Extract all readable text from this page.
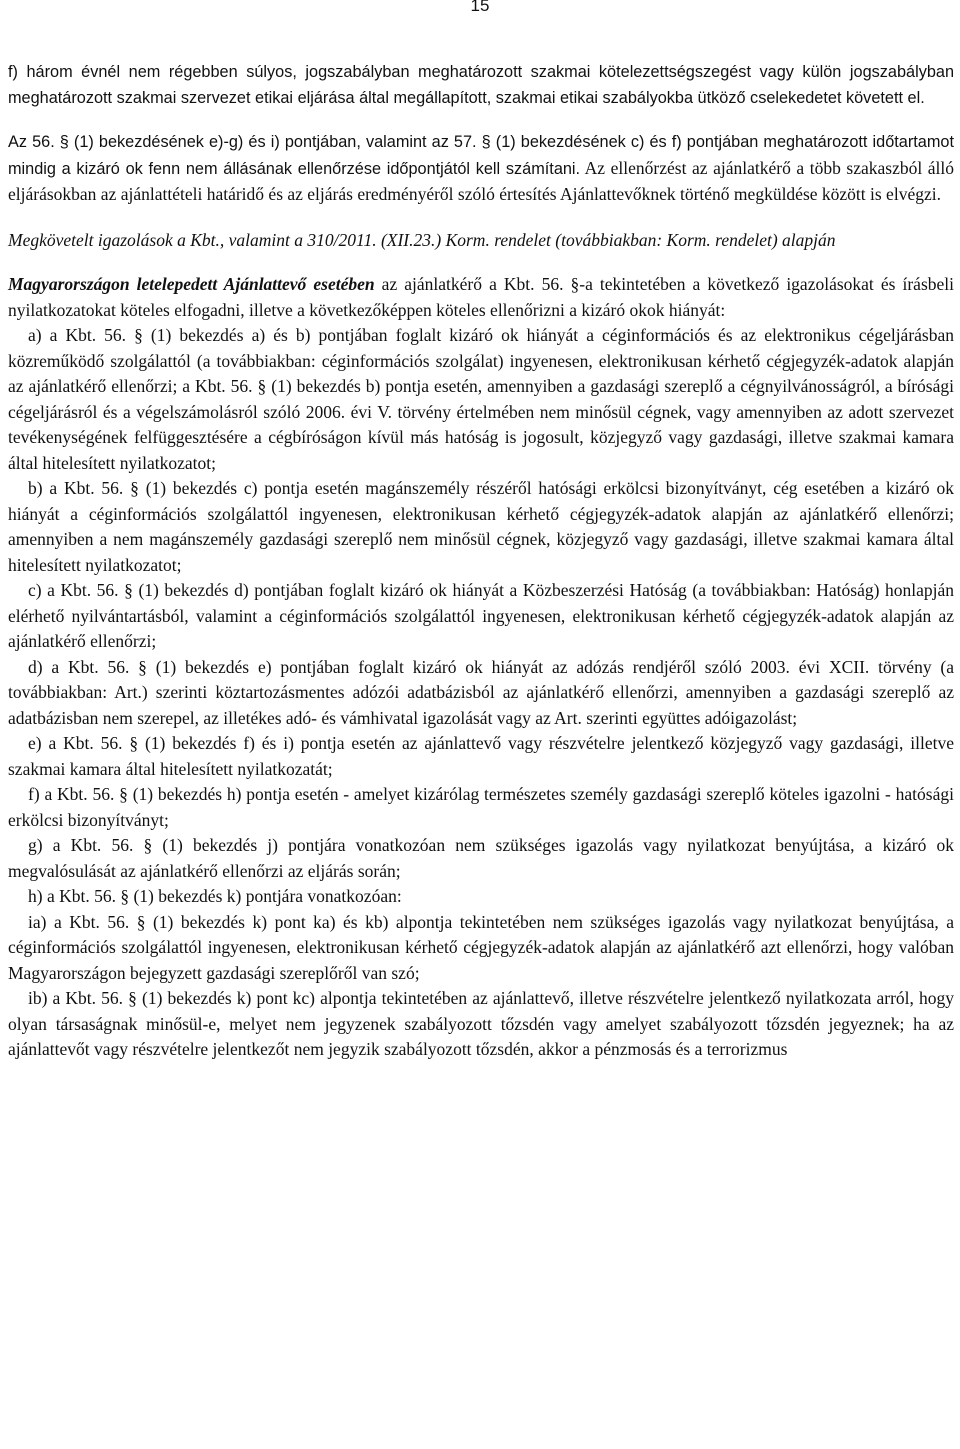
15

f) három évnél nem régebben súlyos, jogszabályban meghatározott szakmai kötelezettségszegést vagy külön jogszabályban meghatározott szakmai szervezet etikai eljárása által megállapított, szakmai etikai szabályokba ütköző cselekedetet követett el.

Az 56. § (1) bekezdésének e)-g) és i) pontjában, valamint az 57. § (1) bekezdésének c) és f) pontjában meghatározott időtartamot mindig a kizáró ok fenn nem állásának ellenőrzése időpontjától kell számítani. Az ellenőrzést az ajánlatkérő a több szakaszból álló eljárásokban az ajánlattételi határidő és az eljárás eredményéről szóló értesítés Ajánlattevőknek történő megküldése között is elvégzi.

Megkövetelt igazolások a Kbt., valamint a 310/2011. (XII.23.) Korm. rendelet (továbbiakban: Korm. rendelet) alapján

Magyarországon letelepedett Ajánlattevő esetében az ajánlatkérő a Kbt. 56. §-a tekintetében a következő igazolásokat és írásbeli nyilatkozatokat köteles elfogadni, illetve a következőképpen köteles ellenőrizni a kizáró okok hiányát:

a) a Kbt. 56. § (1) bekezdés a) és b) pontjában foglalt kizáró ok hiányát a céginformációs és az elektronikus cégeljárásban közreműködő szolgálattól (a továbbiakban: céginformációs szolgálat) ingyenesen, elektronikusan kérhető cégjegyzék-adatok alapján az ajánlatkérő ellenőrzi; a Kbt. 56. § (1) bekezdés b) pontja esetén, amennyiben a gazdasági szereplő a cégnyilvánosságról, a bírósági cégeljárásról és a végelszámolásról szóló 2006. évi V. törvény értelmében nem minősül cégnek, vagy amennyiben az adott szervezet tevékenységének felfüggesztésére a cégbíróságon kívül más hatóság is jogosult, közjegyző vagy gazdasági, illetve szakmai kamara által hitelesített nyilatkozatot;

b) a Kbt. 56. § (1) bekezdés c) pontja esetén magánszemély részéről hatósági erkölcsi bizonyítványt, cég esetében a kizáró ok hiányát a céginformációs szolgálattól ingyenesen, elektronikusan kérhető cégjegyzék-adatok alapján az ajánlatkérő ellenőrzi; amennyiben a nem magánszemély gazdasági szereplő nem minősül cégnek, közjegyző vagy gazdasági, illetve szakmai kamara által hitelesített nyilatkozatot;

c) a Kbt. 56. § (1) bekezdés d) pontjában foglalt kizáró ok hiányát a Közbeszerzési Hatóság (a továbbiakban: Hatóság) honlapján elérhető nyilvántartásból, valamint a céginformációs szolgálattól ingyenesen, elektronikusan kérhető cégjegyzék-adatok alapján az ajánlatkérő ellenőrzi;

d) a Kbt. 56. § (1) bekezdés e) pontjában foglalt kizáró ok hiányát az adózás rendjéről szóló 2003. évi XCII. törvény (a továbbiakban: Art.) szerinti köztartozásmentes adózói adatbázisból az ajánlatkérő ellenőrzi, amennyiben a gazdasági szereplő az adatbázisban nem szerepel, az illetékes adó- és vámhivatal igazolását vagy az Art. szerinti együttes adóigazolást;

e) a Kbt. 56. § (1) bekezdés f) és i) pontja esetén az ajánlattevő vagy részvételre jelentkező közjegyző vagy gazdasági, illetve szakmai kamara által hitelesített nyilatkozatát;

f) a Kbt. 56. § (1) bekezdés h) pontja esetén - amelyet kizárólag természetes személy gazdasági szereplő köteles igazolni - hatósági erkölcsi bizonyítványt;

g) a Kbt. 56. § (1) bekezdés j) pontjára vonatkozóan nem szükséges igazolás vagy nyilatkozat benyújtása, a kizáró ok megvalósulását az ajánlatkérő ellenőrzi az eljárás során;

h) a Kbt. 56. § (1) bekezdés k) pontjára vonatkozóan:

ia) a Kbt. 56. § (1) bekezdés k) pont ka) és kb) alpontja tekintetében nem szükséges igazolás vagy nyilatkozat benyújtása, a céginformációs szolgálattól ingyenesen, elektronikusan kérhető cégjegyzék-adatok alapján az ajánlatkérő azt ellenőrzi, hogy valóban Magyarországon bejegyzett gazdasági szereplőről van szó;

ib) a Kbt. 56. § (1) bekezdés k) pont kc) alpontja tekintetében az ajánlattevő, illetve részvételre jelentkező nyilatkozata arról, hogy olyan társaságnak minősül-e, melyet nem jegyzenek szabályozott tőzsdén vagy amelyet szabályozott tőzsdén jegyeznek; ha az ajánlattevőt vagy részvételre jelentkezőt nem jegyzik szabályozott tőzsdén, akkor a pénzmosás és a terrorizmus
